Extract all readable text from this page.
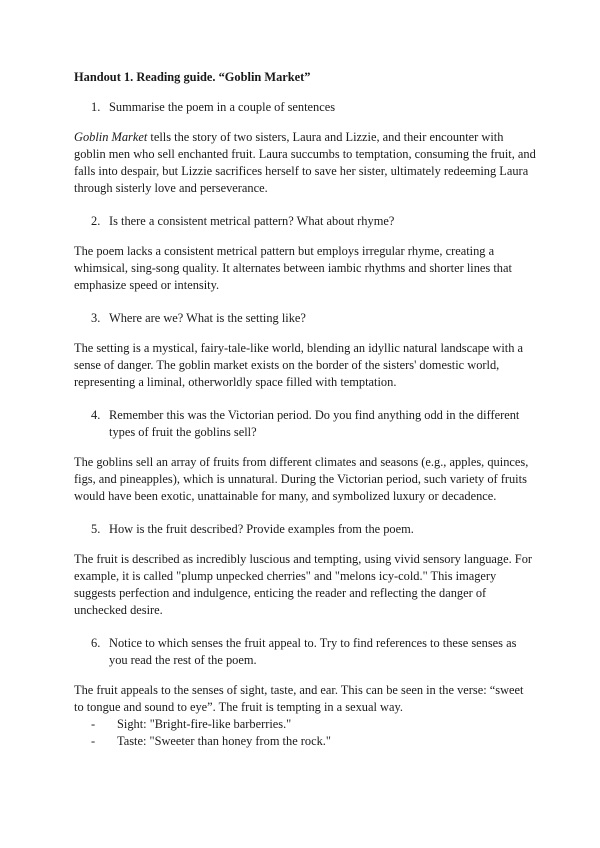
Handout 1. Reading guide. “Goblin Market”
1. Summarise the poem in a couple of sentences

Goblin Market tells the story of two sisters, Laura and Lizzie, and their encounter with goblin men who sell enchanted fruit. Laura succumbs to temptation, consuming the fruit, and falls into despair, but Lizzie sacrifices herself to save her sister, ultimately redeeming Laura through sisterly love and perseverance.

2. Is there a consistent metrical pattern? What about rhyme?

The poem lacks a consistent metrical pattern but employs irregular rhyme, creating a whimsical, sing-song quality. It alternates between iambic rhythms and shorter lines that emphasize speed or intensity.

3. Where are we? What is the setting like?

The setting is a mystical, fairy-tale-like world, blending an idyllic natural landscape with a sense of danger. The goblin market exists on the border of the sisters' domestic world, representing a liminal, otherworldly space filled with temptation.

4. Remember this was the Victorian period. Do you find anything odd in the different types of fruit the goblins sell?

The goblins sell an array of fruits from different climates and seasons (e.g., apples, quinces, figs, and pineapples), which is unnatural. During the Victorian period, such variety of fruits would have been exotic, unattainable for many, and symbolized luxury or decadence.

5. How is the fruit described? Provide examples from the poem.

The fruit is described as incredibly luscious and tempting, using vivid sensory language. For example, it is called "plump unpecked cherries" and "melons icy-cold." This imagery suggests perfection and indulgence, enticing the reader and reflecting the danger of unchecked desire.

6. Notice to which senses the fruit appeal to. Try to find references to these senses as you read the rest of the poem.

The fruit appeals to the senses of sight, taste, and ear. This can be seen in the verse: “sweet to tongue and sound to eye”. The fruit is tempting in a sexual way.

-	Sight: "Bright-fire-like barberries."
-	Taste: "Sweeter than honey from the rock."
